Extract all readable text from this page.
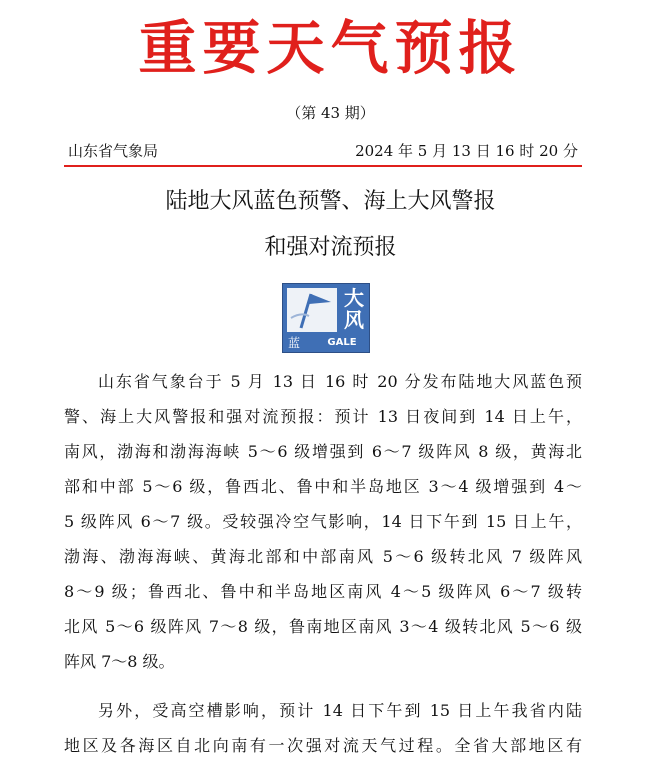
重要天气预报
（第 43 期）
山东省气象局	2024 年 5 月 13 日 16 时 20 分
陆地大风蓝色预警、海上大风警报
和强对流预报
大
风
蓝	GALE
山东省气象台于 5 月 13 日 16 时 20 分发布陆地大风蓝色预
警、海上大风警报和强对流预报：预计 13 日夜间到 14 日上午，
南风，渤海和渤海海峡 5～6 级增强到 6～7 级阵风 8 级，黄海北
部和中部 5～6 级，鲁西北、鲁中和半岛地区 3～4 级增强到 4～
5 级阵风 6～7 级。受较强冷空气影响，14 日下午到 15 日上午，
渤海、渤海海峡、黄海北部和中部南风 5～6 级转北风 7 级阵风
8～9 级；鲁西北、鲁中和半岛地区南风 4～5 级阵风 6～7 级转
北风 5～6 级阵风 7～8 级，鲁南地区南风 3～4 级转北风 5～6 级
阵风 7～8 级。
另外，受高空槽影响，预计 14 日下午到 15 日上午我省内陆
地区及各海区自北向南有一次强对流天气过程。全省大部地区有
